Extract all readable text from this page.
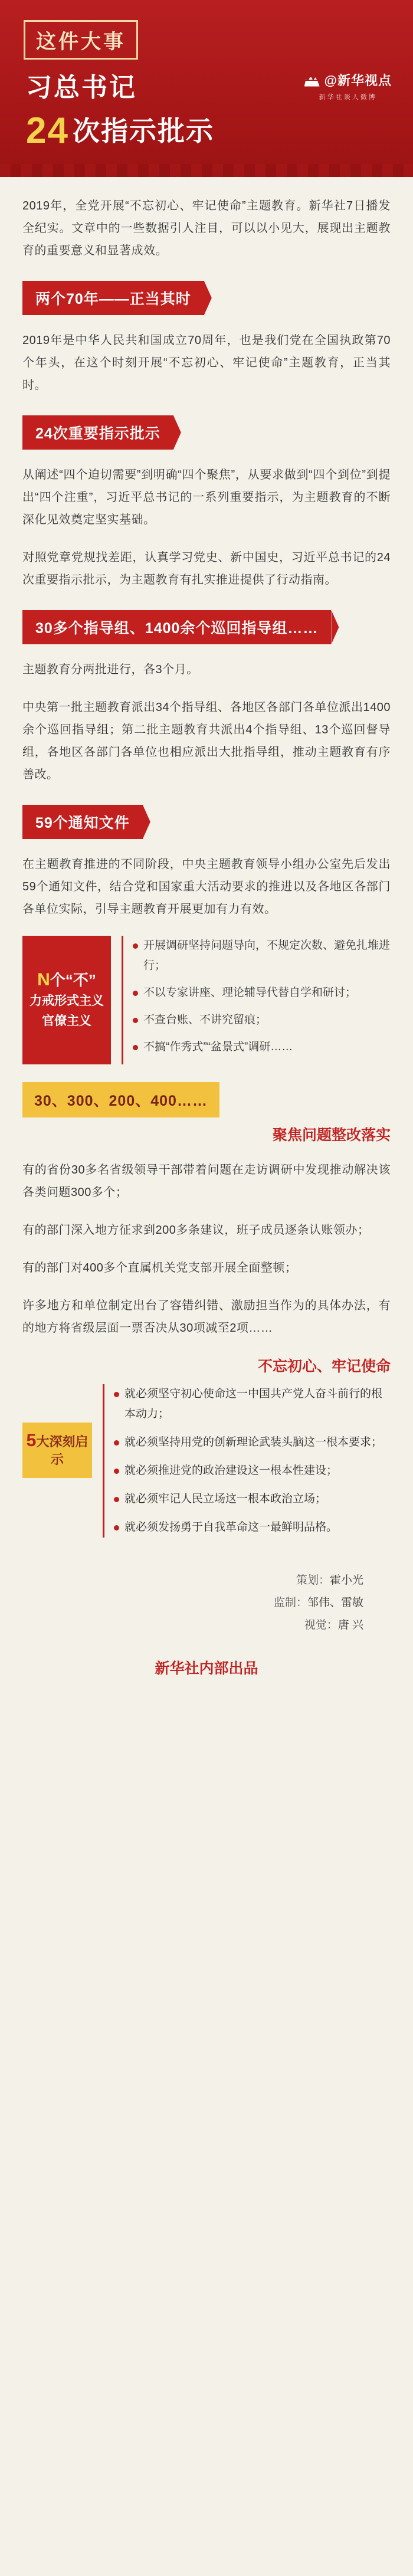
这件大事
习总书记
24 次指示批示
@新华视点
新华社谈人微博

2019年，全党开展“不忘初心、牢记使命”主题教育。新华社7日播发全纪实。文章中的一些数据引人注目，可以以小见大，展现出主题教育的重要意义和显著成效。

两个70年——正当其时

2019年是中华人民共和国成立70周年，也是我们党在全国执政第70个年头，在这个时刻开展“不忘初心、牢记使命”主题教育，正当其时。

24次重要指示批示

从阐述“四个迫切需要”到明确“四个聚焦”，从要求做到“四个到位”到提出“四个注重”，习近平总书记的一系列重要指示，为主题教育的不断深化见效奠定坚实基础。

对照党章党规找差距，认真学习党史、新中国史，习近平总书记的24次重要指示批示，为主题教育有扎实推进提供了行动指南。

30多个指导组、1400余个巡回指导组……

主题教育分两批进行，各3个月。

中央第一批主题教育派出34个指导组、各地区各部门各单位派出1400余个巡回指导组；第二批主题教育共派出4个指导组、13个巡回督导组，各地区各部门各单位也相应派出大批指导组，推动主题教育有序善改。

59个通知文件

在主题教育推进的不同阶段，中央主题教育领导小组办公室先后发出59个通知文件，结合党和国家重大活动要求的推进以及各地区各部门各单位实际，引导主题教育开展更加有力有效。

N个“不”
力戒形式主义
官僚主义
开展调研坚持问题导向，不规定次数、避免扎堆进行；
不以专家讲座、理论辅导代替自学和研讨；
不查台账、不讲究留痕；
不搞“作秀式”“盆景式”调研……
30、300、200、400……
聚焦问题整改落实

有的省份30多名省级领导干部带着问题在走访调研中发现推动解决该各类问题300多个；

有的部门深入地方征求到200多条建议，班子成员逐条认账领办；

有的部门对400多个直属机关党支部开展全面整顿；

许多地方和单位制定出台了容错纠错、激励担当作为的具体办法，有的地方将省级层面一票否决从30项减至2项……

5大深刻启示
不忘初心、牢记使命
就必须坚守初心使命这一中国共产党人奋斗前行的根本动力；
就必须坚持用党的创新理论武装头脑这一根本要求；
就必须推进党的政治建设这一根本性建设；
就必须牢记人民立场这一根本政治立场；
就必须发扬勇于自我革命这一最鲜明品格。
策划：霍小光
监制：邹伟、雷敏
视觉：唐 兴
新华社内部出品
